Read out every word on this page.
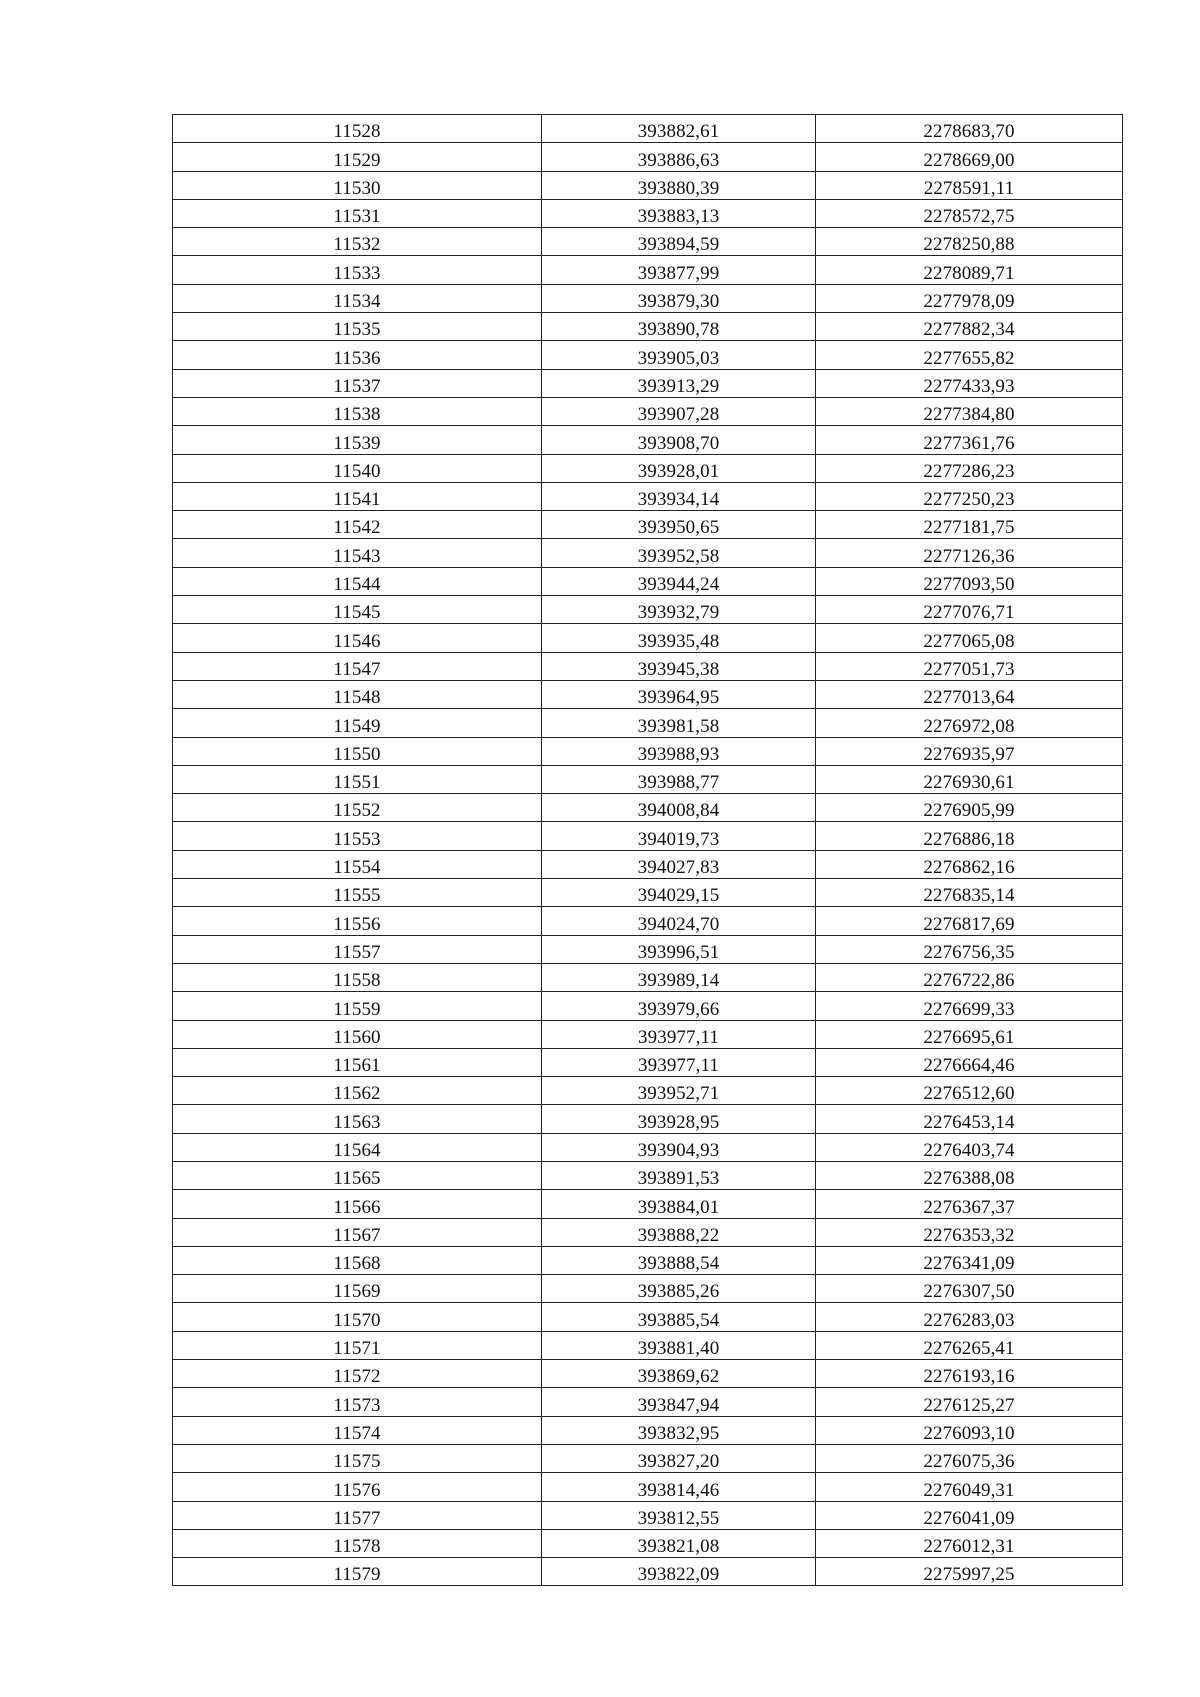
11528	393882,61	2278683,70
11529	393886,63	2278669,00
11530	393880,39	2278591,11
11531	393883,13	2278572,75
11532	393894,59	2278250,88
11533	393877,99	2278089,71
11534	393879,30	2277978,09
11535	393890,78	2277882,34
11536	393905,03	2277655,82
11537	393913,29	2277433,93
11538	393907,28	2277384,80
11539	393908,70	2277361,76
11540	393928,01	2277286,23
11541	393934,14	2277250,23
11542	393950,65	2277181,75
11543	393952,58	2277126,36
11544	393944,24	2277093,50
11545	393932,79	2277076,71
11546	393935,48	2277065,08
11547	393945,38	2277051,73
11548	393964,95	2277013,64
11549	393981,58	2276972,08
11550	393988,93	2276935,97
11551	393988,77	2276930,61
11552	394008,84	2276905,99
11553	394019,73	2276886,18
11554	394027,83	2276862,16
11555	394029,15	2276835,14
11556	394024,70	2276817,69
11557	393996,51	2276756,35
11558	393989,14	2276722,86
11559	393979,66	2276699,33
11560	393977,11	2276695,61
11561	393977,11	2276664,46
11562	393952,71	2276512,60
11563	393928,95	2276453,14
11564	393904,93	2276403,74
11565	393891,53	2276388,08
11566	393884,01	2276367,37
11567	393888,22	2276353,32
11568	393888,54	2276341,09
11569	393885,26	2276307,50
11570	393885,54	2276283,03
11571	393881,40	2276265,41
11572	393869,62	2276193,16
11573	393847,94	2276125,27
11574	393832,95	2276093,10
11575	393827,20	2276075,36
11576	393814,46	2276049,31
11577	393812,55	2276041,09
11578	393821,08	2276012,31
11579	393822,09	2275997,25
